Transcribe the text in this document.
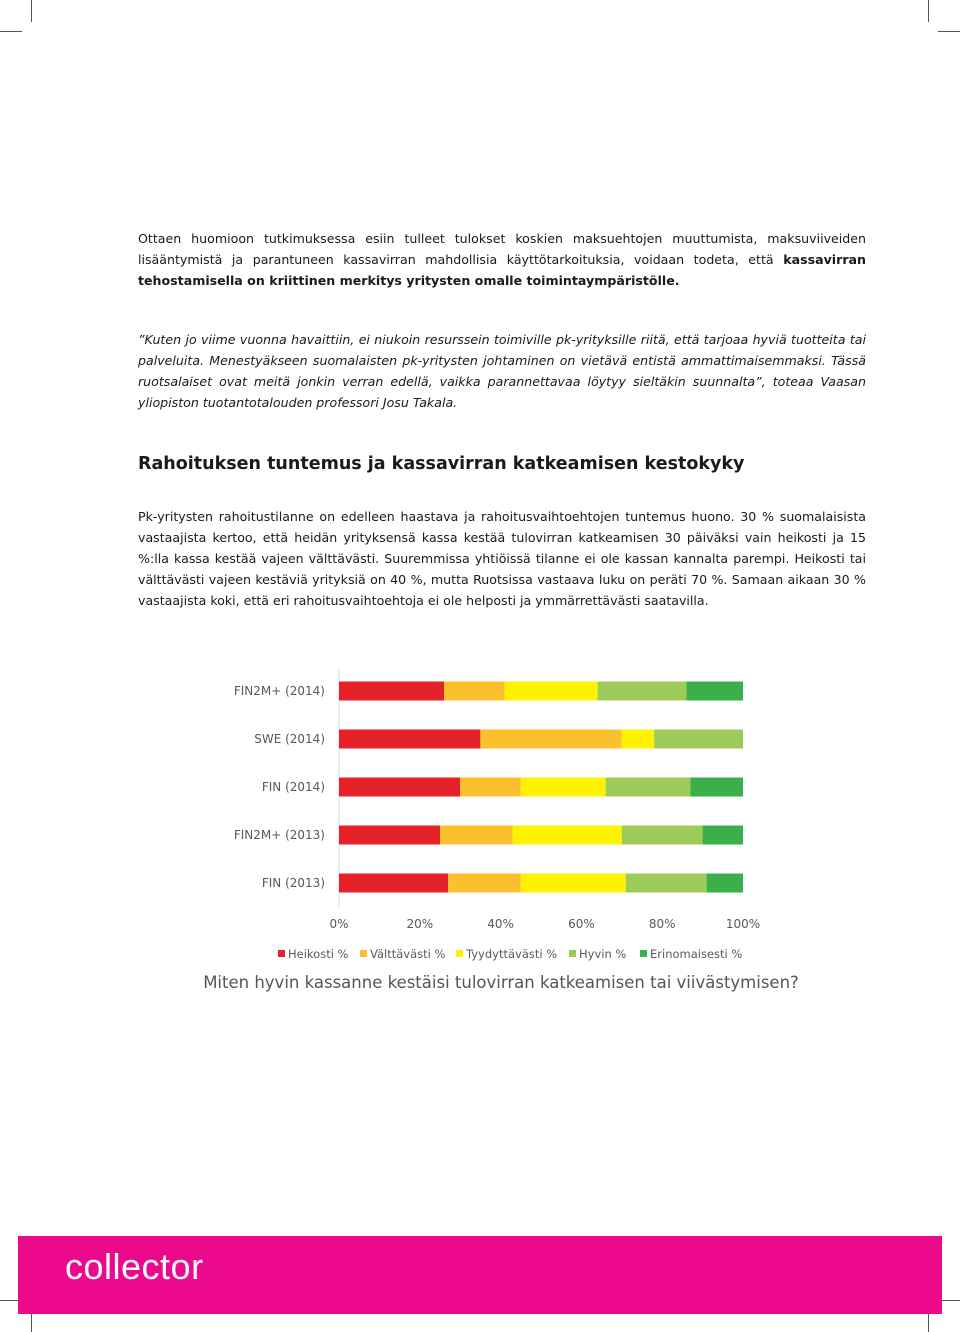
Ottaen huomioon tutkimuksessa esiin tulleet tulokset koskien maksuehtojen muuttumista, maksuviiveiden lisääntymistä ja parantuneen kassavirran mahdollisia käyttötarkoituksia, voidaan todeta, että kassavirran tehostamisella on kriittinen merkitys yritysten omalle toimintaympäristölle.

”Kuten jo viime vuonna havaittiin, ei niukoin resurssein toimiville pk-yrityksille riitä, että tarjoaa hyviä tuotteita tai palveluita. Menestyäkseen suomalaisten pk-yritysten johtaminen on vietävä entistä ammattimaisemmaksi. Tässä ruotsalaiset ovat meitä jonkin verran edellä, vaikka parannettavaa löytyy sieltäkin suunnalta”, toteaa Vaasan yliopiston tuotantotalouden professori Josu Takala.

Rahoituksen tuntemus ja kassavirran katkeamisen kestokyky

Pk-yritysten rahoitustilanne on edelleen haastava ja rahoitusvaihtoehtojen tuntemus huono. 30 % suomalaisista vastaajista kertoo, että heidän yrityksensä kassa kestää tulovirran katkeamisen 30 päiväksi vain heikosti ja 15 %:lla kassa kestää vajeen välttävästi. Suuremmissa yhtiöissä tilanne ei ole kassan kannalta parempi. Heikosti tai välttävästi vajeen kestäviä yrityksiä on 40 %, mutta Ruotsissa vastaava luku on peräti 70 %. Samaan aikaan 30 % vastaajista koki, että eri rahoitusvaihtoehtoja ei ole helposti ja ymmärrettävästi saatavilla.

FIN2M+ (2014)
SWE (2014)
FIN (2014)
FIN2M+ (2013)
FIN (2013)
0%	20%	40%	60%	80%	100%
Heikosti % Välttävästi % Tyydyttävästi % Hyvin % Erinomaisesti %
Miten hyvin kassanne kestäisi tulovirran katkeamisen tai viivästymisen?
collector
